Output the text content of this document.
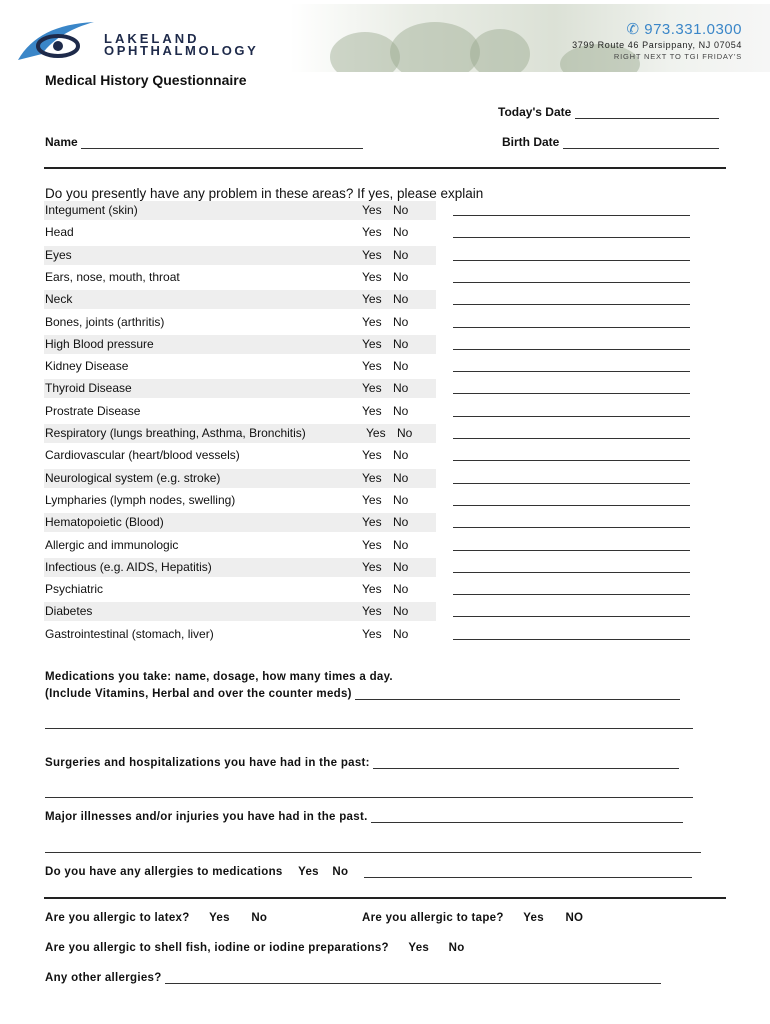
LAKELAND
OPHTHALMOLOGY
✆ 973.331.0300
3799 Route 46 Parsippany, NJ 07054
RIGHT NEXT TO TGI FRIDAY'S
Medical History Questionnaire
Today's Date
Name	Birth Date
Do you presently have any problem in these areas? If yes, please explain
Integument (skin)	Yes No
Head	Yes No
Eyes	Yes No
Ears, nose, mouth, throat	Yes No
Neck	Yes No
Bones, joints (arthritis)	Yes No
High Blood pressure	Yes No
Kidney Disease	Yes No
Thyroid Disease	Yes No
Prostrate Disease	Yes No
Respiratory (lungs breathing, Asthma, Bronchitis)	Yes No
Cardiovascular (heart/blood vessels)	Yes No
Neurological system (e.g. stroke)	Yes No
Lympharies (lymph nodes, swelling)	Yes No
Hematopoietic (Blood)	Yes No
Allergic and immunologic	Yes No
Infectious (e.g. AIDS, Hepatitis)	Yes No
Psychiatric	Yes No
Diabetes	Yes No
Gastrointestinal (stomach, liver)	Yes No
Medications you take: name, dosage, how many times a day.
(Include Vitamins, Herbal and over the counter meds)
Surgeries and hospitalizations you have had in the past:
Major illnesses and/or injuries you have had in the past.
Do you have any allergies to medications Yes No
Are you allergic to latex? Yes No	Are you allergic to tape? Yes NO
Are you allergic to shell fish, iodine or iodine preparations? Yes No
Any other allergies?
